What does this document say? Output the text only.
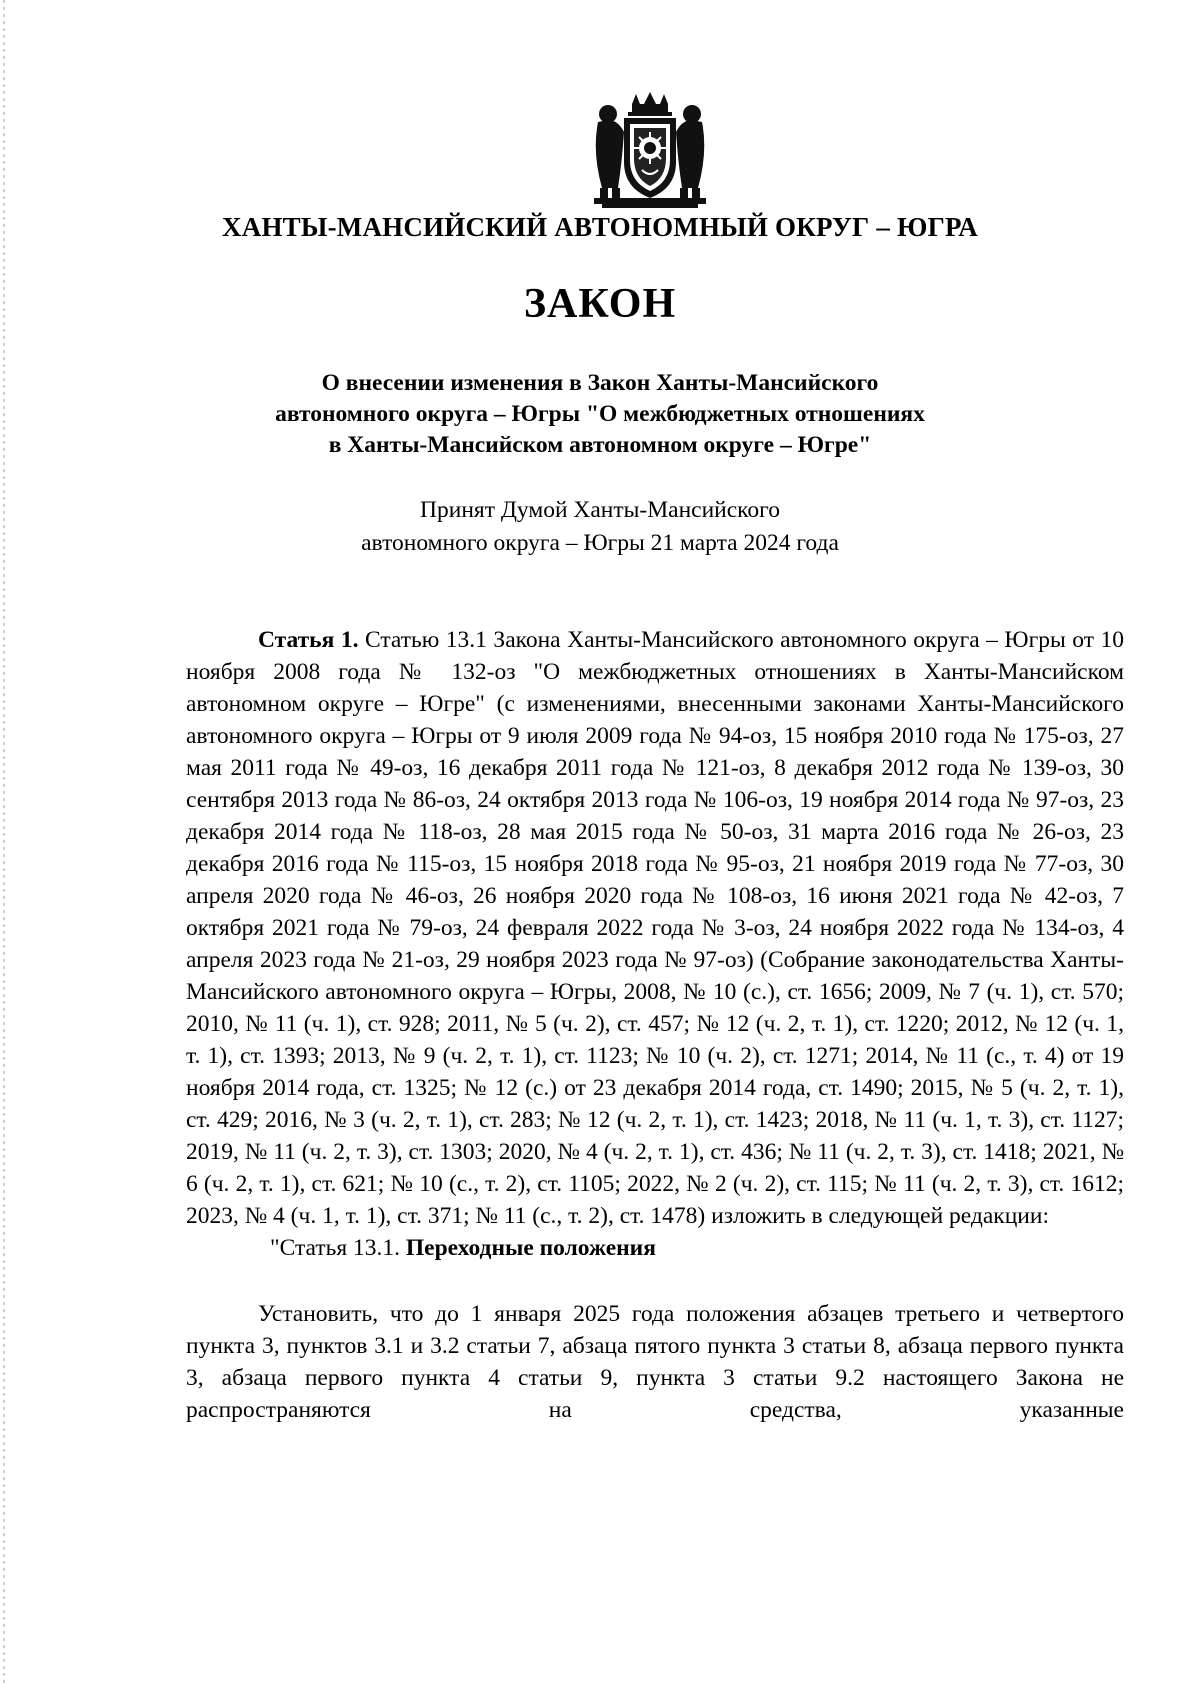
ХАНТЫ-МАНСИЙСКИЙ АВТОНОМНЫЙ ОКРУГ – ЮГРА
ЗАКОН
О внесении изменения в Закон Ханты-Мансийского
автономного округа – Югры "О межбюджетных отношениях
в Ханты-Мансийском автономном округе – Югре"
Принят Думой Ханты-Мансийского
автономного округа – Югры 21 марта 2024 года

Статья 1. Статью 13.1 Закона Ханты-Мансийского автономного округа – Югры от 10 ноября 2008 года № 132-оз "О межбюджетных отношениях в Ханты-Мансийском автономном округе – Югре" (с изменениями, внесенными законами Ханты-Мансийского автономного округа – Югры от 9 июля 2009 года № 94-оз, 15 ноября 2010 года № 175-оз, 27 мая 2011 года № 49-оз, 16 декабря 2011 года № 121-оз, 8 декабря 2012 года № 139-оз, 30 сентября 2013 года № 86-оз, 24 октября 2013 года № 106-оз, 19 ноября 2014 года № 97-оз, 23 декабря 2014 года № 118-оз, 28 мая 2015 года № 50-оз, 31 марта 2016 года № 26-оз, 23 декабря 2016 года № 115-оз, 15 ноября 2018 года № 95-оз, 21 ноября 2019 года № 77-оз, 30 апреля 2020 года № 46-оз, 26 ноября 2020 года № 108-оз, 16 июня 2021 года № 42-оз, 7 октября 2021 года № 79-оз, 24 февраля 2022 года № 3-оз, 24 ноября 2022 года № 134-оз, 4 апреля 2023 года № 21-оз, 29 ноября 2023 года № 97-оз) (Собрание законодательства Ханты-Мансийского автономного округа – Югры, 2008, № 10 (с.), ст. 1656; 2009, № 7 (ч. 1), ст. 570; 2010, № 11 (ч. 1), ст. 928; 2011, № 5 (ч. 2), ст. 457; № 12 (ч. 2, т. 1), ст. 1220; 2012, № 12 (ч. 1, т. 1), ст. 1393; 2013, № 9 (ч. 2, т. 1), ст. 1123; № 10 (ч. 2), ст. 1271; 2014, № 11 (с., т. 4) от 19 ноября 2014 года, ст. 1325; № 12 (с.) от 23 декабря 2014 года, ст. 1490; 2015, № 5 (ч. 2, т. 1), ст. 429; 2016, № 3 (ч. 2, т. 1), ст. 283; № 12 (ч. 2, т. 1), ст. 1423; 2018, № 11 (ч. 1, т. 3), ст. 1127; 2019, № 11 (ч. 2, т. 3), ст. 1303; 2020, № 4 (ч. 2, т. 1), ст. 436; № 11 (ч. 2, т. 3), ст. 1418; 2021, № 6 (ч. 2, т. 1), ст. 621; № 10 (с., т. 2), ст. 1105; 2022, № 2 (ч. 2), ст. 115; № 11 (ч. 2, т. 3), ст. 1612; 2023, № 4 (ч. 1, т. 1), ст. 371; № 11 (с., т. 2), ст. 1478) изложить в следующей редакции:

"Статья 13.1. Переходные положения

Установить, что до 1 января 2025 года положения абзацев третьего и четвертого пункта 3, пунктов 3.1 и 3.2 статьи 7, абзаца пятого пункта 3 статьи 8, абзаца первого пункта 3, абзаца первого пункта 4 статьи 9, пункта 3 статьи 9.2 настоящего Закона не распространяются на средства, указанные
